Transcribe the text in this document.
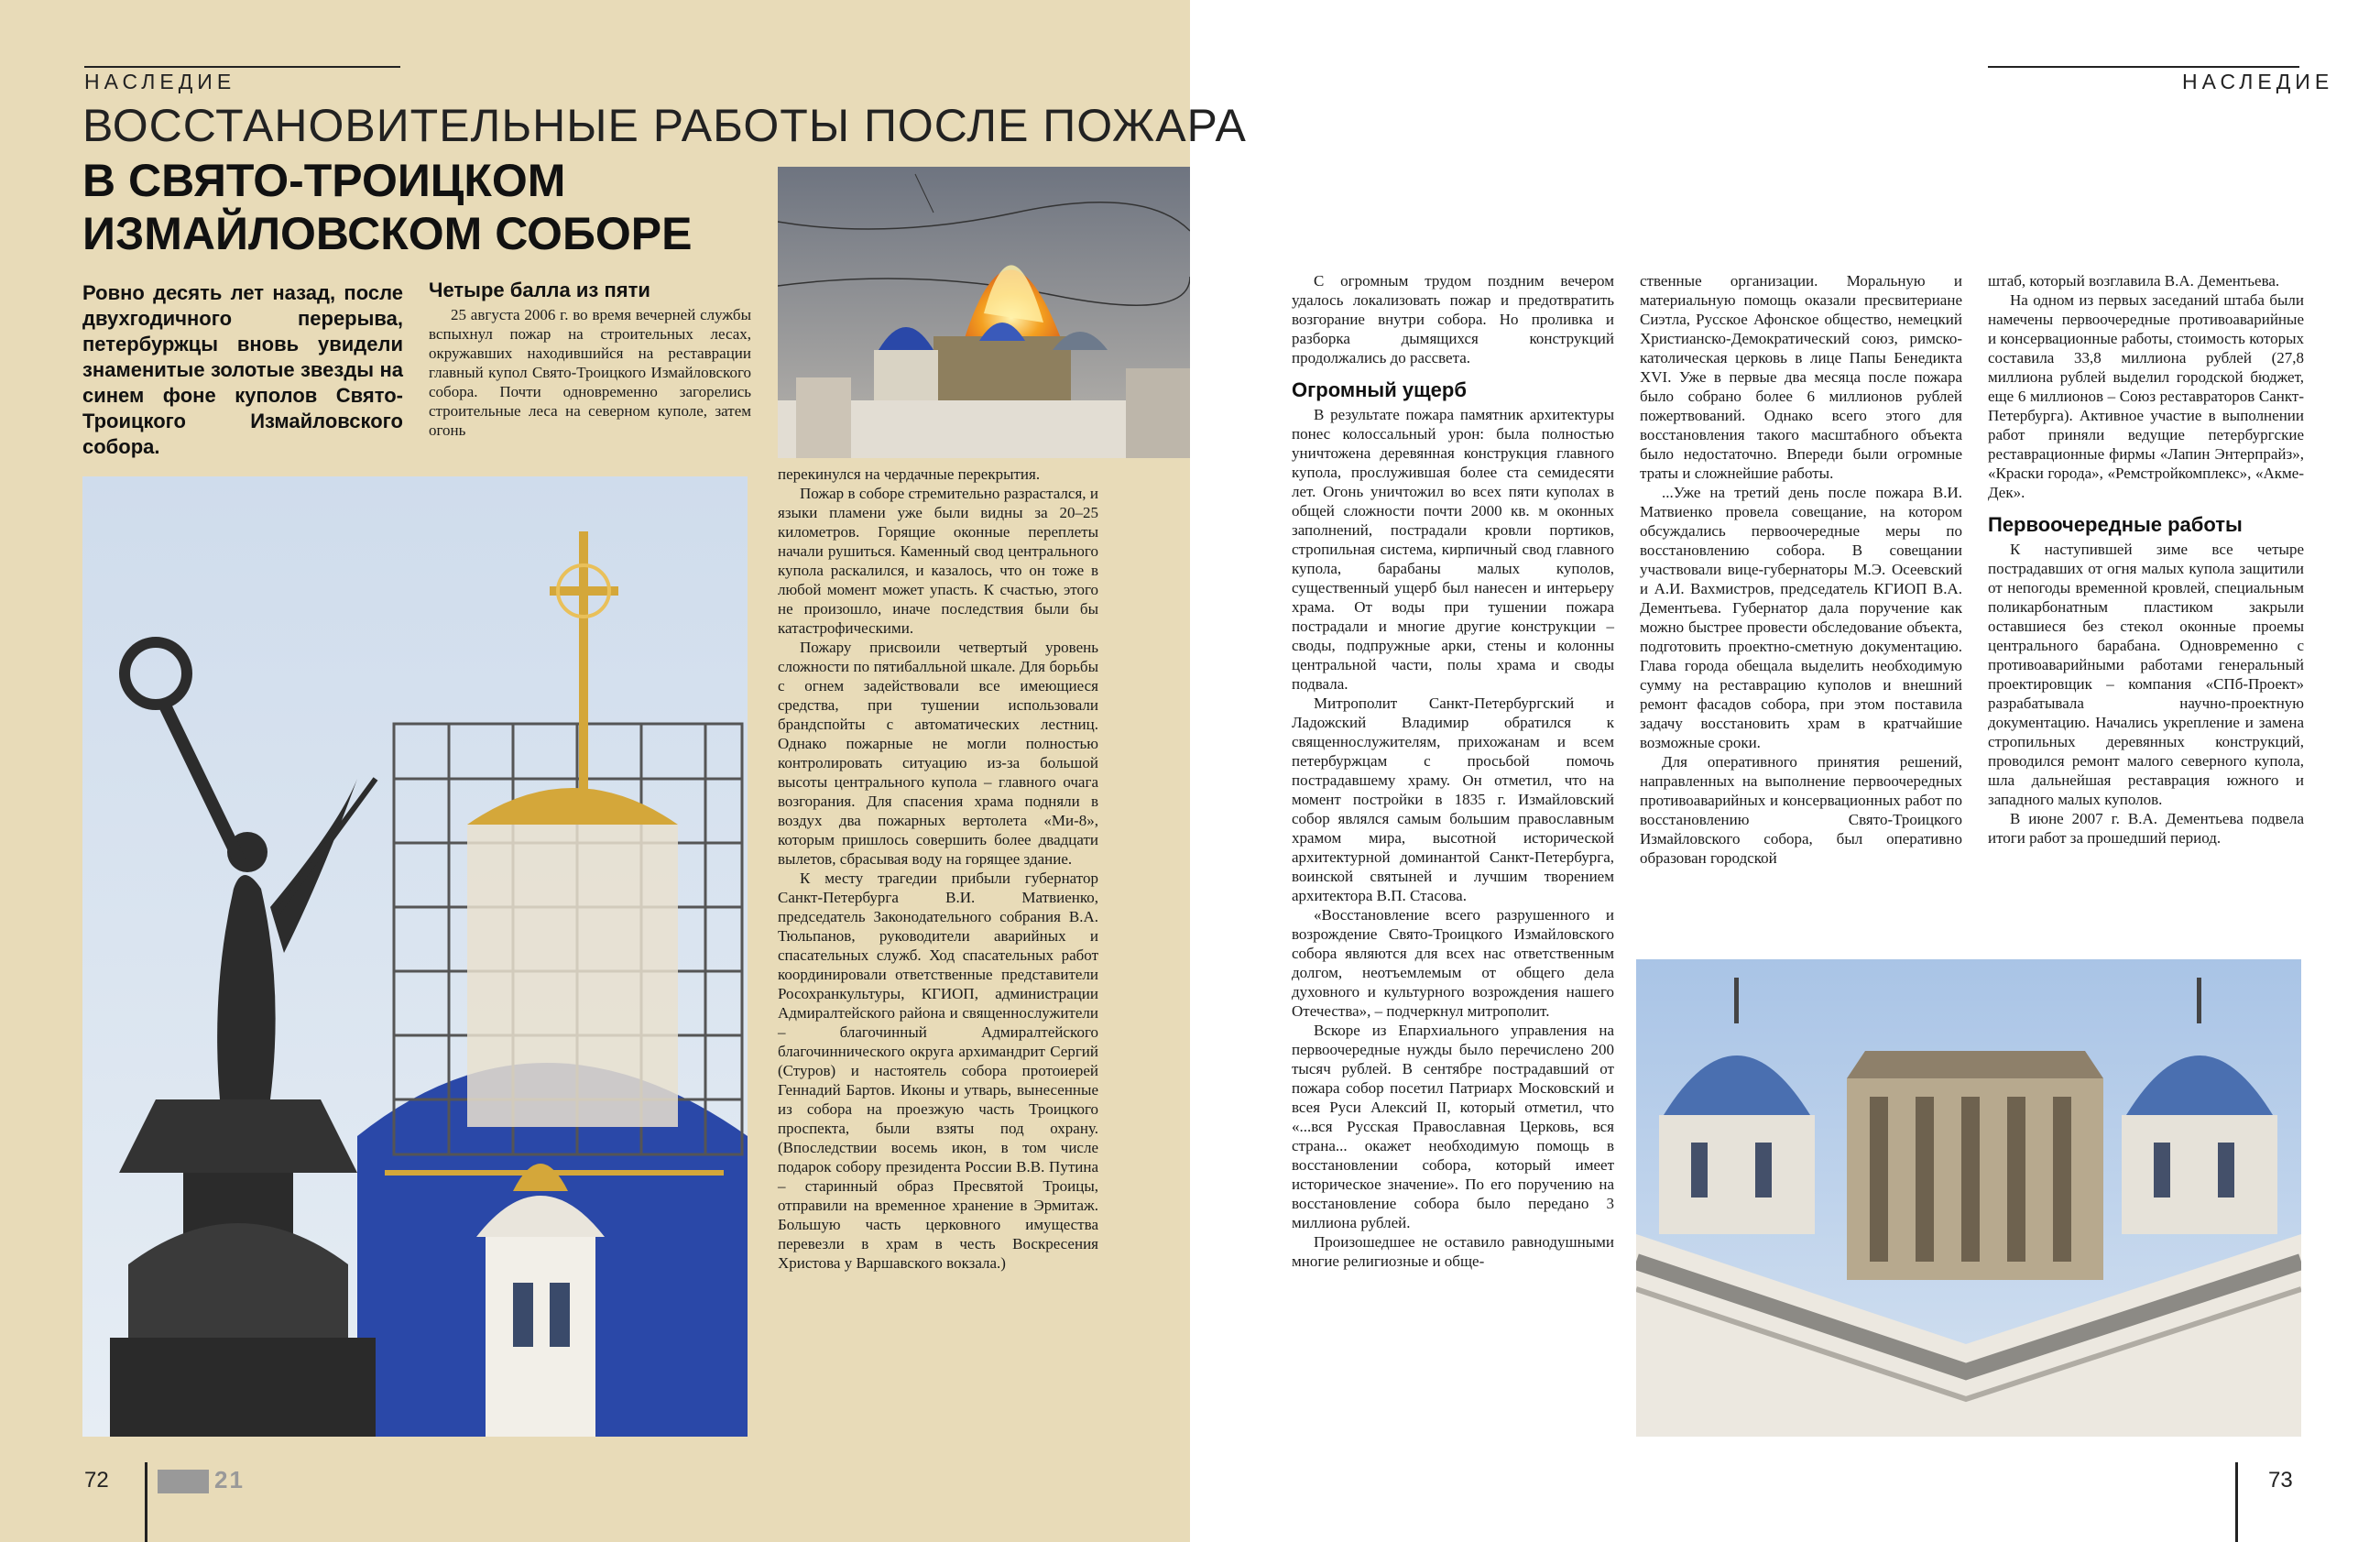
НАСЛЕДИЕ
ВОССТАНОВИТЕЛЬНЫЕ РАБОТЫ ПОСЛЕ ПОЖАРА
В СВЯТО-ТРОИЦКОМ
ИЗМАЙЛОВСКОМ СОБОРЕ
Ровно десять лет назад, после двухгодичного перерыва, петербуржцы вновь увидели знаменитые золотые звезды на синем фоне куполов Свято-Троицкого Измайловского собора.
Четыре балла из пяти

25 августа 2006 г. во время вечерней службы вспыхнул пожар на строительных лесах, окружавших находившийся на реставрации главный купол Свято-Троицкого Измайловского собора. Почти одновременно загорелись строительные леса на северном куполе, затем огонь

перекинулся на чердачные перекрытия.

Пожар в соборе стремительно разрастался, и языки пламени уже были видны за 20–25 километров. Горящие оконные переплеты начали рушиться. Каменный свод центрального купола раскалился, и казалось, что он тоже в любой момент может упасть. К счастью, этого не произошло, иначе последствия были бы катастрофическими.

Пожару присвоили четвертый уровень сложности по пятибалльной шкале. Для борьбы с огнем задействовали все имеющиеся средства, при тушении использовали брандспойты с автоматических лестниц. Однако пожарные не могли полностью контролировать ситуацию из-за большой высоты центрального купола – главного очага возгорания. Для спасения храма подняли в воздух два пожарных вертолета «Ми-8», которым пришлось совершить более двадцати вылетов, сбрасывая воду на горящее здание.

К месту трагедии прибыли губернатор Санкт-Петербурга В.И. Матвиенко, председатель Законодательного собрания В.А. Тюльпанов, руководители аварийных и спасательных служб. Ход спасательных работ координировали ответственные представители Росохранкультуры, КГИОП, администрации Адмиралтейского района и священнослужители – благочинный Адмиралтейского благочиннического округа архимандрит Сергий (Стуров) и настоятель собора протоиерей Геннадий Бартов. Иконы и утварь, вынесенные из собора на проезжую часть Троицкого проспекта, были взяты под охрану. (Впоследствии восемь икон, в том числе подарок собору президента России В.В. Путина – старинный образ Пресвятой Троицы, отправили на временное хранение в Эрмитаж. Большую часть церковного имущества перевезли в храм в честь Воскресения Христова у Варшавского вокзала.)

72	21
НАСЛЕДИЕ

С огромным трудом поздним вечером удалось локализовать пожар и предотвратить возгорание внутри собора. Но проливка и разборка дымящихся конструкций продолжались до рассвета.

Огромный ущерб

В результате пожара памятник архитектуры понес колоссальный урон: была полностью уничтожена деревянная конструкция главного купола, прослужившая более ста семидесяти лет. Огонь уничтожил во всех пяти куполах в общей сложности почти 2000 кв. м оконных заполнений, пострадали кровли портиков, стропильная система, кирпичный свод главного купола, барабаны малых куполов, существенный ущерб был нанесен и интерьеру храма. От воды при тушении пожара пострадали и многие другие конструкции – своды, подпружные арки, стены и колонны центральной части, полы храма и своды подвала.

Митрополит Санкт-Петербургский и Ладожский Владимир обратился к священнослужителям, прихожанам и всем петербуржцам с просьбой помочь пострадавшему храму. Он отметил, что на момент постройки в 1835 г. Измайловский собор являлся самым большим православным храмом мира, высотной исторической архитектурной доминантой Санкт-Петербурга, воинской святыней и лучшим творением архитектора В.П. Стасова.

«Восстановление всего разрушенного и возрождение Свято-Троицкого Измайловского собора являются для всех нас ответственным долгом, неотъемлемым от общего дела духовного и культурного возрождения нашего Отечества», – подчеркнул митрополит.

Вскоре из Епархиального управления на первоочередные нужды было перечислено 200 тысяч рублей. В сентябре пострадавший от пожара собор посетил Патриарх Московский и всея Руси Алексий II, который отметил, что «...вся Русская Православная Церковь, вся страна... окажет необходимую помощь в восстановлении собора, который имеет историческое значение». По его поручению на восстановление собора было передано 3 миллиона рублей.

Произошедшее не оставило равнодушными многие религиозные и обще-

ственные организации. Моральную и материальную помощь оказали пресвитериане Сиэтла, Русское Афонское общество, немецкий Христианско-Демократический союз, римско-католическая церковь в лице Папы Бенедикта XVI. Уже в первые два месяца после пожара было собрано более 6 миллионов рублей пожертвований. Однако всего этого для восстановления такого масштабного объекта было недостаточно. Впереди были огромные траты и сложнейшие работы.

...Уже на третий день после пожара В.И. Матвиенко провела совещание, на котором обсуждались первоочередные меры по восстановлению собора. В совещании участвовали вице-губернаторы М.Э. Осеевский и А.И. Вахмистров, председатель КГИОП В.А. Дементьева. Губернатор дала поручение как можно быстрее провести обследование объекта, подготовить проектно-сметную документацию. Глава города обещала выделить необходимую сумму на реставрацию куполов и внешний ремонт фасадов собора, при этом поставила задачу восстановить храм в кратчайшие возможные сроки.

Для оперативного принятия решений, направленных на выполнение первоочередных противоаварийных и консервационных работ по восстановлению Свято-Троицкого Измайловского собора, был оперативно образован городской

штаб, который возглавила В.А. Дементьева.

На одном из первых заседаний штаба были намечены первоочередные противоаварийные и консервационные работы, стоимость которых составила 33,8 миллиона рублей (27,8 миллиона рублей выделил городской бюджет, еще 6 миллионов – Союз реставраторов Санкт-Петербурга). Активное участие в выполнении работ приняли ведущие петербургские реставрационные фирмы «Лапин Энтерпрайз», «Краски города», «Ремстройкомплекс», «Акме-Дек».

Первоочередные работы

К наступившей зиме все четыре пострадавших от огня малых купола защитили от непогоды временной кровлей, специальным поликарбонатным пластиком закрыли оставшиеся без стекол оконные проемы центрального барабана. Одновременно с противоаварийными работами генеральный проектировщик – компания «СПб-Проект» разрабатывала научно-проектную документацию. Начались укрепление и замена стропильных деревянных конструкций, проводился ремонт малого северного купола, шла дальнейшая реставрация южного и западного малых куполов.

В июне 2007 г. В.А. Дементьева подвела итоги работ за прошедший период.

73
